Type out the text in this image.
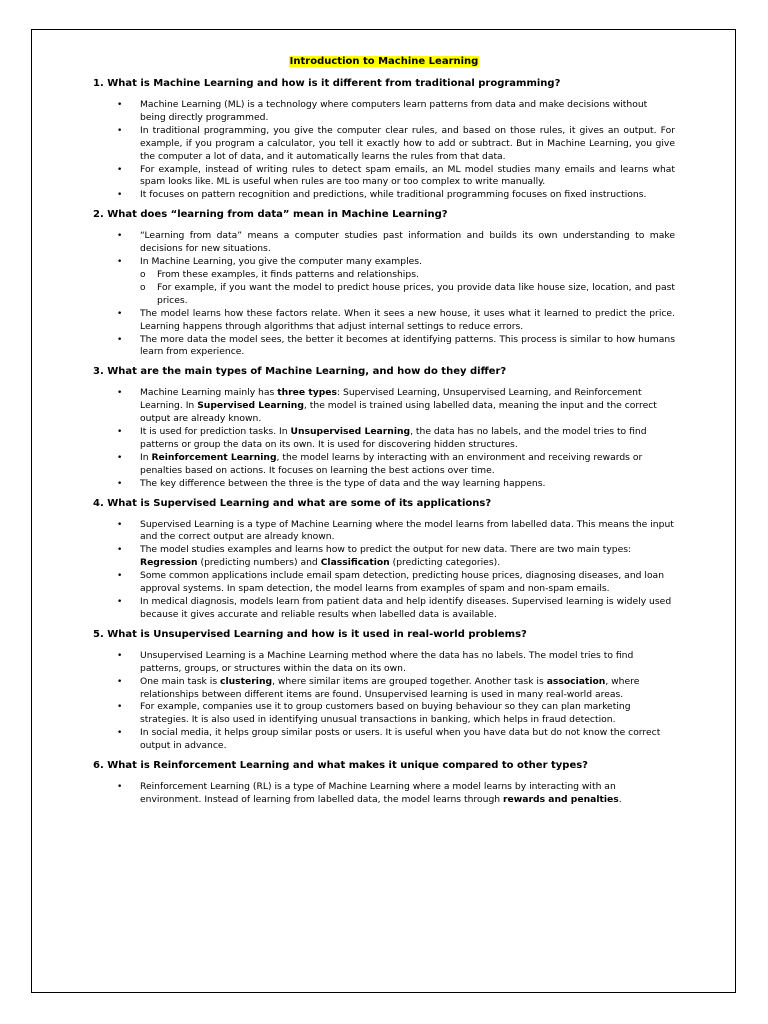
Introduction to Machine Learning
1. What is Machine Learning and how is it different from traditional programming?
• Machine Learning (ML) is a technology where computers learn patterns from data and make decisions without being directly programmed.
• In traditional programming, you give the computer clear rules, and based on those rules, it gives an output. For example, if you program a calculator, you tell it exactly how to add or subtract. But in Machine Learning, you give the computer a lot of data, and it automatically learns the rules from that data.
• For example, instead of writing rules to detect spam emails, an ML model studies many emails and learns what spam looks like. ML is useful when rules are too many or too complex to write manually.
• It focuses on pattern recognition and predictions, while traditional programming focuses on fixed instructions.
2. What does “learning from data” mean in Machine Learning?
• “Learning from data” means a computer studies past information and builds its own understanding to make decisions for new situations.
• In Machine Learning, you give the computer many examples.
o From these examples, it finds patterns and relationships.
o For example, if you want the model to predict house prices, you provide data like house size, location, and past prices.
• The model learns how these factors relate. When it sees a new house, it uses what it learned to predict the price. Learning happens through algorithms that adjust internal settings to reduce errors.
• The more data the model sees, the better it becomes at identifying patterns. This process is similar to how humans learn from experience.
3. What are the main types of Machine Learning, and how do they differ?
• Machine Learning mainly has three types: Supervised Learning, Unsupervised Learning, and Reinforcement Learning. In Supervised Learning, the model is trained using labelled data, meaning the input and the correct output are already known.
• It is used for prediction tasks. In Unsupervised Learning, the data has no labels, and the model tries to find patterns or group the data on its own. It is used for discovering hidden structures.
• In Reinforcement Learning, the model learns by interacting with an environment and receiving rewards or penalties based on actions. It focuses on learning the best actions over time.
• The key difference between the three is the type of data and the way learning happens.
4. What is Supervised Learning and what are some of its applications?
• Supervised Learning is a type of Machine Learning where the model learns from labelled data. This means the input and the correct output are already known.
• The model studies examples and learns how to predict the output for new data. There are two main types: Regression (predicting numbers) and Classification (predicting categories).
• Some common applications include email spam detection, predicting house prices, diagnosing diseases, and loan approval systems. In spam detection, the model learns from examples of spam and non-spam emails.
• In medical diagnosis, models learn from patient data and help identify diseases. Supervised learning is widely used because it gives accurate and reliable results when labelled data is available.
5. What is Unsupervised Learning and how is it used in real-world problems?
• Unsupervised Learning is a Machine Learning method where the data has no labels. The model tries to find patterns, groups, or structures within the data on its own.
• One main task is clustering, where similar items are grouped together. Another task is association, where relationships between different items are found. Unsupervised learning is used in many real-world areas.
• For example, companies use it to group customers based on buying behaviour so they can plan marketing strategies. It is also used in identifying unusual transactions in banking, which helps in fraud detection.
• In social media, it helps group similar posts or users. It is useful when you have data but do not know the correct output in advance.
6. What is Reinforcement Learning and what makes it unique compared to other types?
• Reinforcement Learning (RL) is a type of Machine Learning where a model learns by interacting with an environment. Instead of learning from labelled data, the model learns through rewards and penalties.
